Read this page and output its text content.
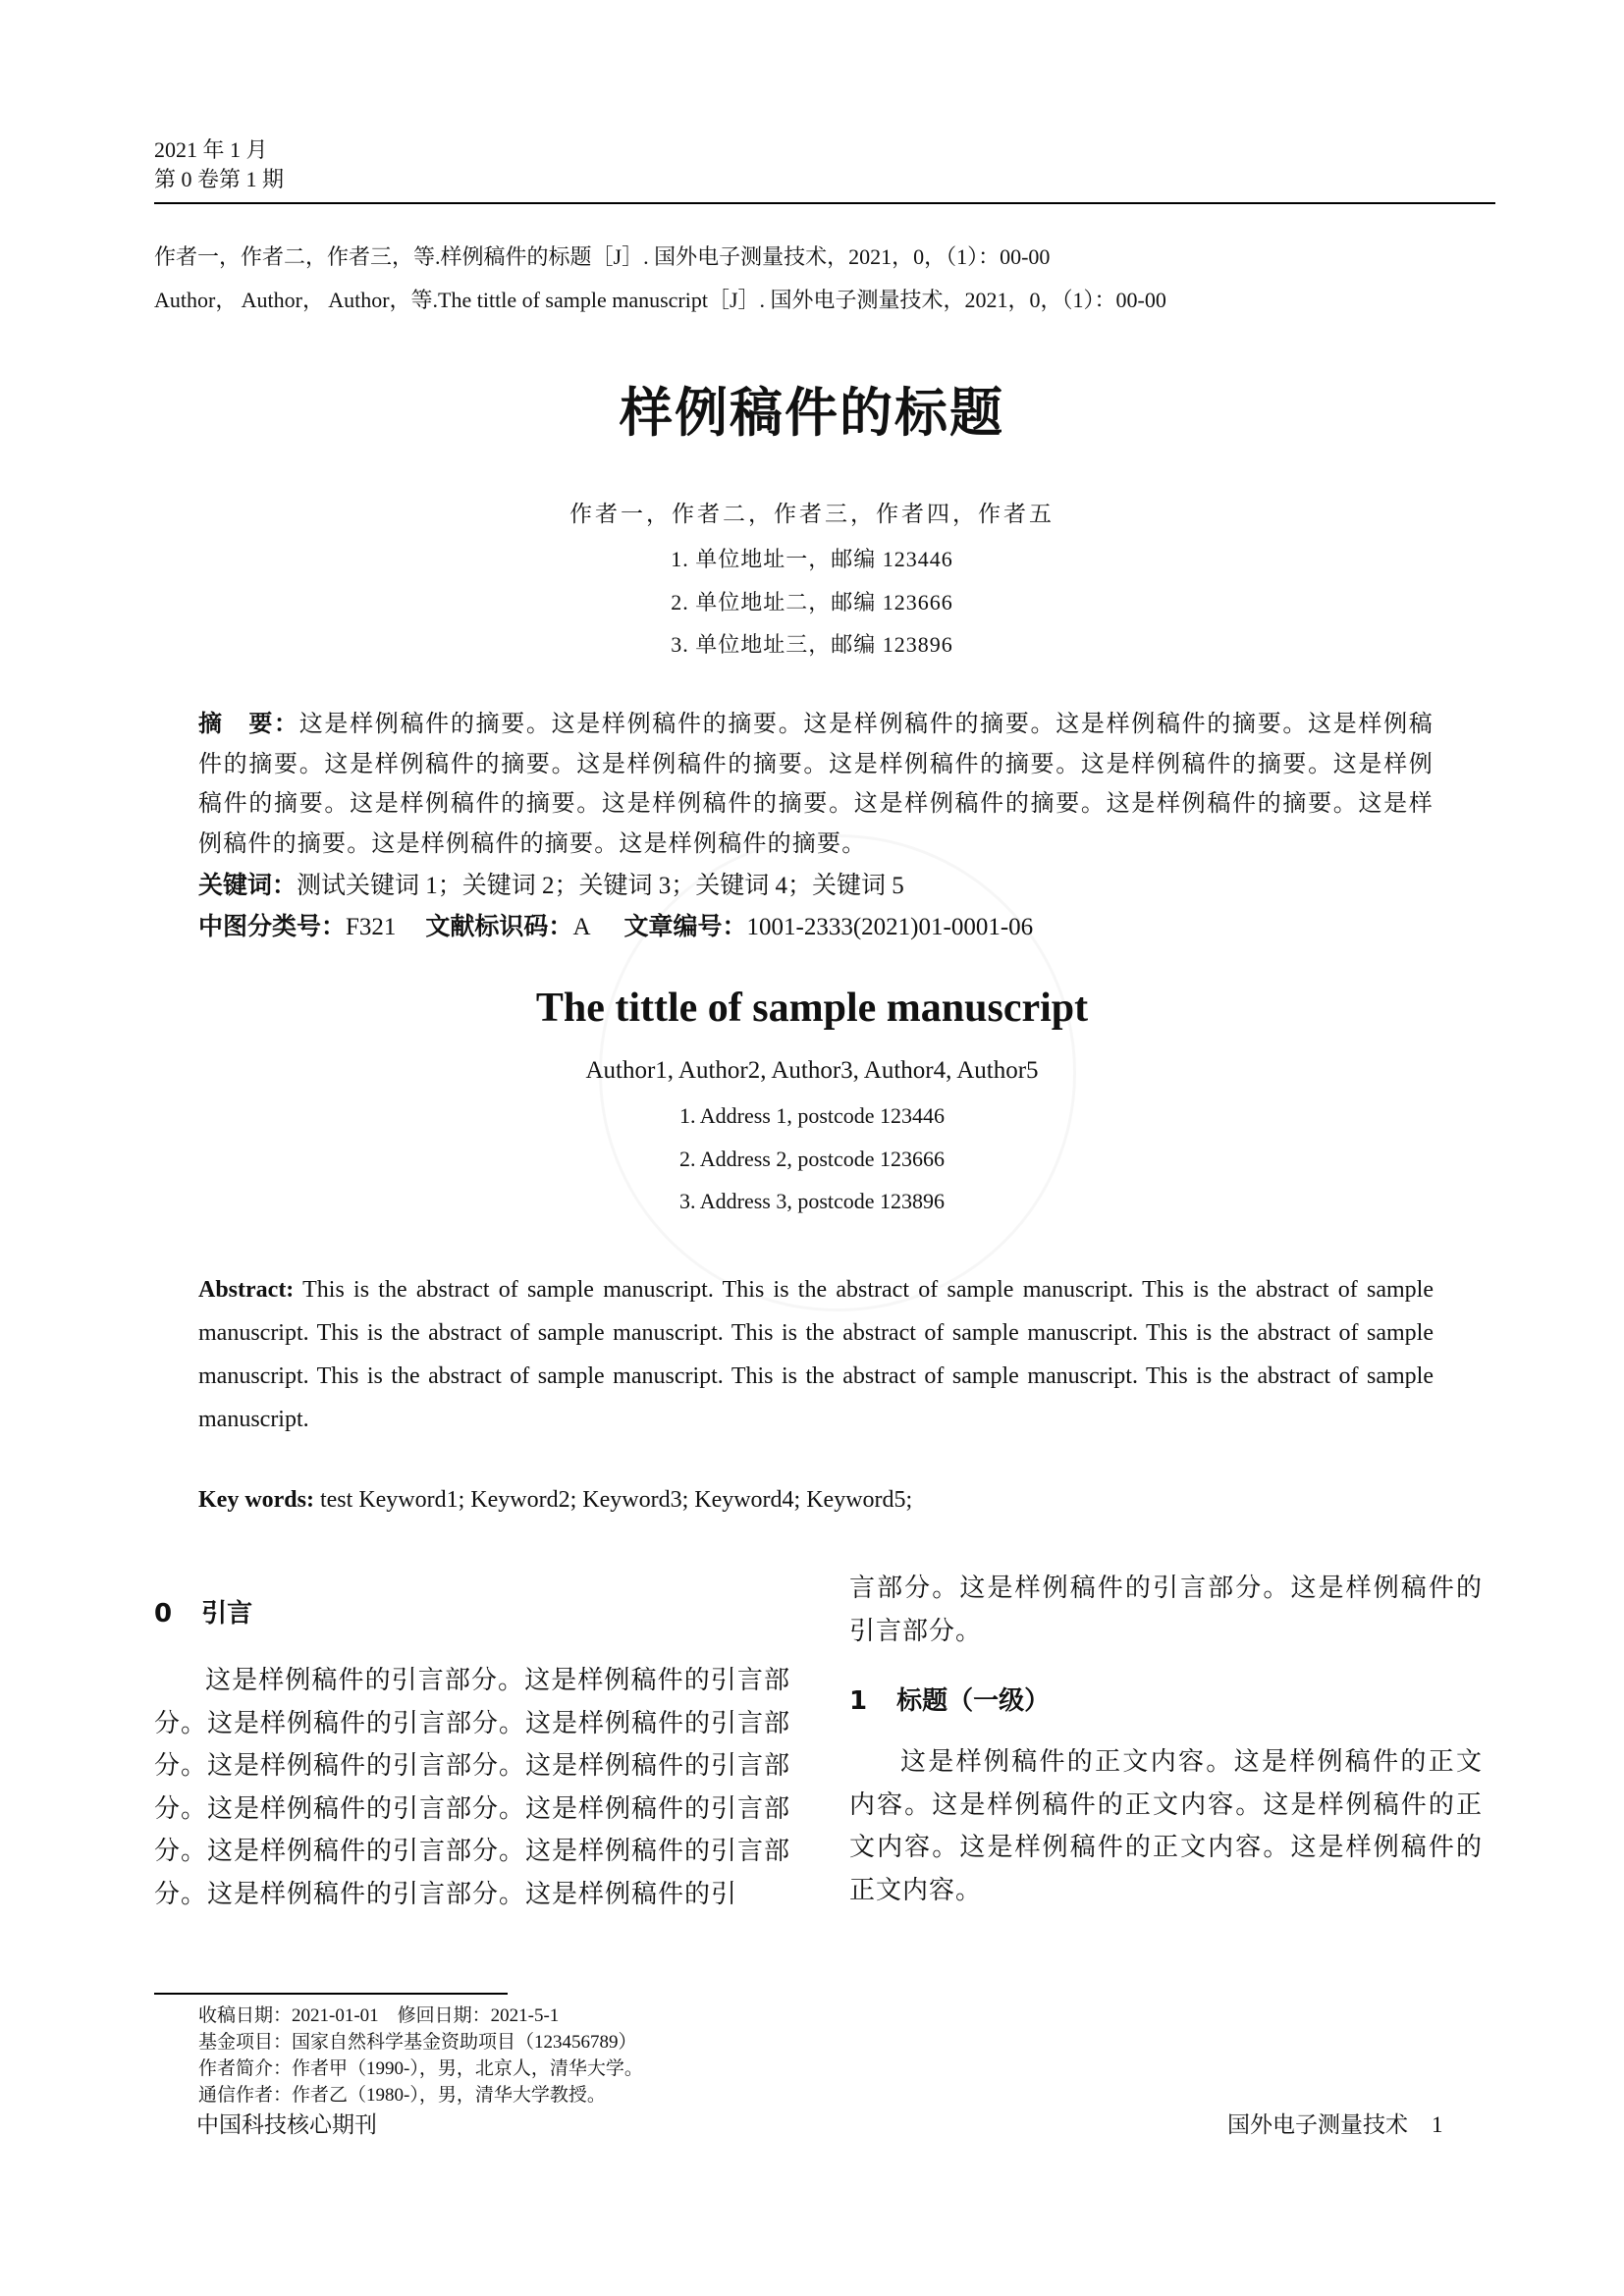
2021 年 1 月
第 0 卷第 1 期
作者一，作者二，作者三，等.样例稿件的标题［J］. 国外电子测量技术，2021，0，（1）：00-00
Author， Author， Author，等.The tittle of sample manuscript［J］. 国外电子测量技术，2021，0，（1）：00-00
样例稿件的标题
作者一，作者二，作者三，作者四，作者五
1. 单位地址一，邮编 123446
2. 单位地址二，邮编 123666
3. 单位地址三，邮编 123896
摘　要：这是样例稿件的摘要。这是样例稿件的摘要。这是样例稿件的摘要。这是样例稿件的摘要。这是样例稿件的摘要。这是样例稿件的摘要。这是样例稿件的摘要。这是样例稿件的摘要。这是样例稿件的摘要。这是样例稿件的摘要。这是样例稿件的摘要。这是样例稿件的摘要。这是样例稿件的摘要。这是样例稿件的摘要。这是样例稿件的摘要。这是样例稿件的摘要。这是样例稿件的摘要。
关键词：测试关键词 1；关键词 2；关键词 3；关键词 4；关键词 5
中图分类号：F321 文献标识码：A 文章编号：1001-2333(2021)01-0001-06
The tittle of sample manuscript
Author1, Author2, Author3, Author4, Author5
1. Address 1, postcode 123446
2. Address 2, postcode 123666
3. Address 3, postcode 123896
Abstract: This is the abstract of sample manuscript. This is the abstract of sample manuscript. This is the abstract of sample manuscript. This is the abstract of sample manuscript. This is the abstract of sample manuscript. This is the abstract of sample manuscript. This is the abstract of sample manuscript. This is the abstract of sample manuscript. This is the abstract of sample manuscript.
Key words: test Keyword1; Keyword2; Keyword3; Keyword4; Keyword5;
0 引言
这是样例稿件的引言部分。这是样例稿件的引言部分。这是样例稿件的引言部分。这是样例稿件的引言部分。这是样例稿件的引言部分。这是样例稿件的引言部分。这是样例稿件的引言部分。这是样例稿件的引言部分。这是样例稿件的引言部分。这是样例稿件的引言部分。这是样例稿件的引言部分。这是样例稿件的引
收稿日期：2021-01-01　修回日期：2021-5-1
基金项目：国家自然科学基金资助项目（123456789）
作者简介：作者甲（1990-），男，北京人，清华大学。
通信作者：作者乙（1980-），男，清华大学教授。
言部分。这是样例稿件的引言部分。这是样例稿件的引言部分。
1 标题（一级）
这是样例稿件的正文内容。这是样例稿件的正文内容。这是样例稿件的正文内容。这是样例稿件的正文内容。这是样例稿件的正文内容。这是样例稿件的正文内容。
中国科技核心期刊	国外电子测量技术 1
